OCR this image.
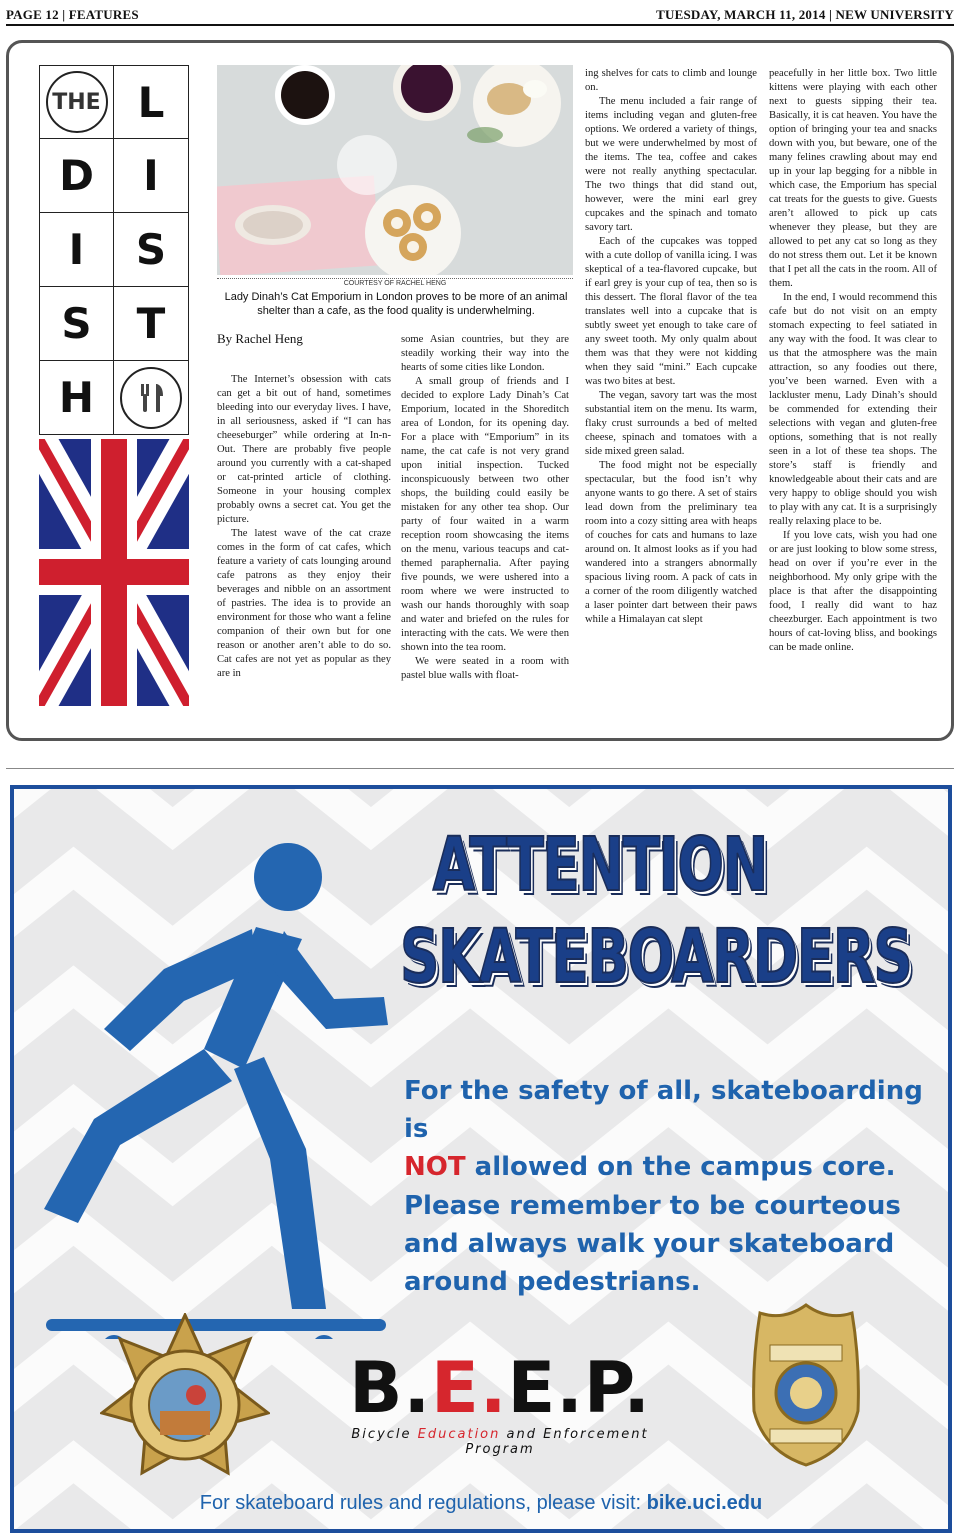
PAGE 12 | FEATURES	TUESDAY, MARCH 11, 2014 | NEW UNIVERSITY
THE L
D	I
I	S
S	T
H
COURTESY OF RACHEL HENG
Lady Dinah’s Cat Emporium in London proves to be more of an animal shelter than a cafe, as the food quality is underwhelming.
By Rachel Heng

The Internet’s obsession with cats can get a bit out of hand, sometimes bleeding into our everyday lives. I have, in all seriousness, asked if “I can has cheeseburger” while ordering at In-n-Out. There are probably five people around you currently with a cat-shaped or cat-printed article of clothing. Someone in your housing complex probably owns a secret cat. You get the picture.

The latest wave of the cat craze comes in the form of cat cafes, which feature a variety of cats lounging around cafe patrons as they enjoy their beverages and nibble on an assortment of pastries. The idea is to provide an environment for those who want a feline companion of their own but for one reason or another aren’t able to do so. Cat cafes are not yet as popular as they are in

some Asian countries, but they are steadily working their way into the hearts of some cities like London.

A small group of friends and I decided to explore Lady Dinah’s Cat Emporium, located in the Shoreditch area of London, for its opening day. For a place with “Emporium” in its name, the cat cafe is not very grand upon initial inspection. Tucked inconspicuously between two other shops, the building could easily be mistaken for any other tea shop. Our party of four waited in a warm reception room showcasing the items on the menu, various teacups and cat-themed paraphernalia. After paying five pounds, we were ushered into a room where we were instructed to wash our hands thoroughly with soap and water and briefed on the rules for interacting with the cats. We were then shown into the tea room.

We were seated in a room with pastel blue walls with float-

ing shelves for cats to climb and lounge on.

The menu included a fair range of items including vegan and gluten-free options. We ordered a variety of things, but we were underwhelmed by most of the items. The tea, coffee and cakes were not really anything spectacular. The two things that did stand out, however, were the mini earl grey cupcakes and the spinach and tomato savory tart.

Each of the cupcakes was topped with a cute dollop of vanilla icing. I was skeptical of a tea-flavored cupcake, but if earl grey is your cup of tea, then so is this dessert. The floral flavor of the tea translates well into a cupcake that is subtly sweet yet enough to take care of any sweet tooth. My only qualm about them was that they were not kidding when they said “mini.” Each cupcake was two bites at best.

The vegan, savory tart was the most substantial item on the menu. Its warm, flaky crust surrounds a bed of melted cheese, spinach and tomatoes with a side mixed green salad.

The food might not be especially spectacular, but the food isn’t why anyone wants to go there. A set of stairs lead down from the preliminary tea room into a cozy sitting area with heaps of couches for cats and humans to laze around on. It almost looks as if you had wandered into a strangers abnormally spacious living room. A pack of cats in a corner of the room diligently watched a laser pointer dart between their paws while a Himalayan cat slept

peacefully in her little box. Two little kittens were playing with each other next to guests sipping their tea. Basically, it is cat heaven. You have the option of bringing your tea and snacks down with you, but beware, one of the many felines crawling about may end up in your lap begging for a nibble in which case, the Emporium has special cat treats for the guests to give. Guests aren’t allowed to pick up cats whenever they please, but they are allowed to pet any cat so long as they do not stress them out. Let it be known that I pet all the cats in the room. All of them.

In the end, I would recommend this cafe but do not visit on an empty stomach expecting to feel satiated in any way with the food. It was clear to us that the atmosphere was the main attraction, so any foodies out there, you’ve been warned. Even with a lackluster menu, Lady Dinah’s should be commended for extending their selections with vegan and gluten-free options, something that is not really seen in a lot of these tea shops. The store’s staff is friendly and knowledgeable about their cats and are very happy to oblige should you wish to play with any cat. It is a surprisingly really relaxing place to be.

If you love cats, wish you had one or are just looking to blow some stress, head on over if you’re ever in the neighborhood. My only gripe with the place is that after the disappointing food, I really did want to haz cheezburger. Each appointment is two hours of cat-loving bliss, and bookings can be made online.

ATTENTION
SKATEBOARDERS
For the safety of all, skateboarding is
NOT allowed on the campus core.
Please remember to be courteous and always walk your skateboard around pedestrians.
B.E.E.P.
Bicycle Education and Enforcement Program
For skateboard rules and regulations, please visit: bike.uci.edu
